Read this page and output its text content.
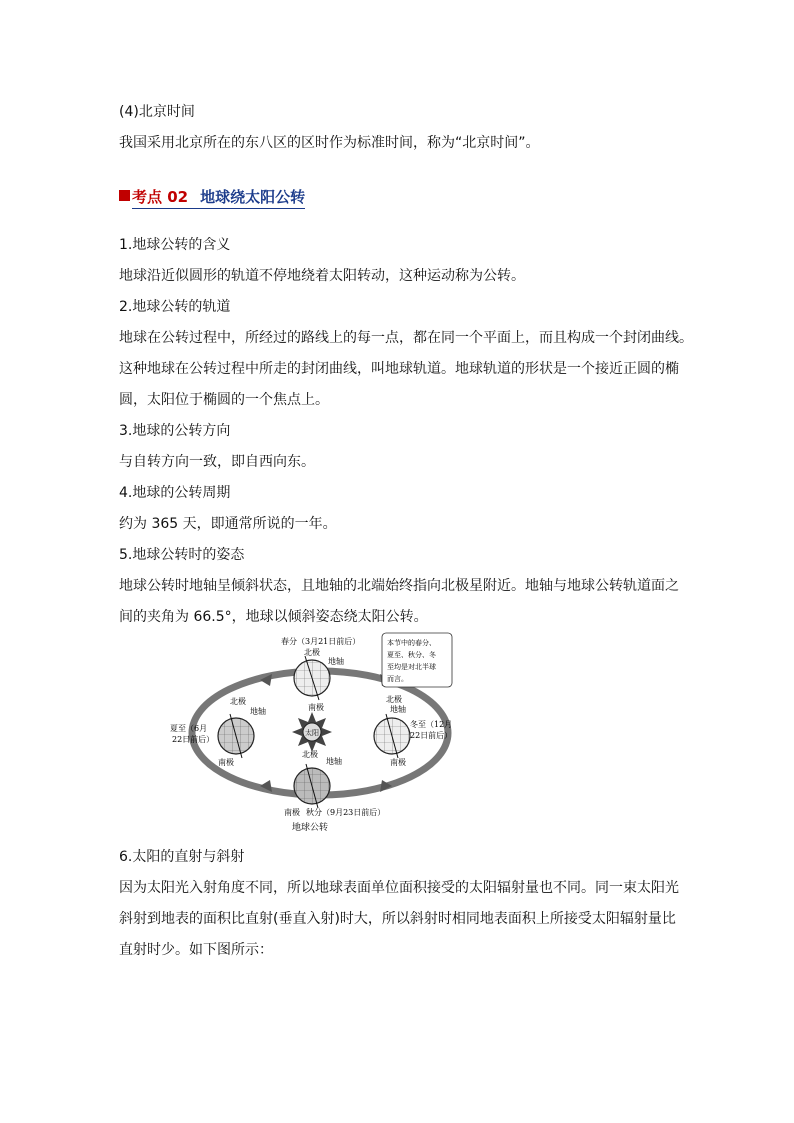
(4)北京时间

我国采用北京所在的东八区的区时作为标准时间，称为“北京时间”。

考点 02 地球绕太阳公转

1.地球公转的含义

地球沿近似圆形的轨道不停地绕着太阳转动，这种运动称为公转。

2.地球公转的轨道

地球在公转过程中，所经过的路线上的每一点，都在同一个平面上，而且构成一个封闭曲线。

这种地球在公转过程中所走的封闭曲线，叫地球轨道。地球轨道的形状是一个接近正圆的椭

圆，太阳位于椭圆的一个焦点上。

3.地球的公转方向

与自转方向一致，即自西向东。

4.地球的公转周期

约为 365 天，即通常所说的一年。

5.地球公转时的姿态

地球公转时地轴呈倾斜状态，且地轴的北端始终指向北极星附近。地轴与地球公转轨道面之

间的夹角为 66.5°，地球以倾斜姿态绕太阳公转。

太阳
春分（3月21日前后）
北极
地轴
南极
北极
地轴
夏至（6月
22日前后）
南极
北极
地轴
冬至（12月
22日前后）
南极
北极
地轴
南极 秋分（9月23日前后）
本节中的春分、
夏至、秋分、冬
至均是对北半球
而言。
地球公转

6.太阳的直射与斜射

因为太阳光入射角度不同，所以地球表面单位面积接受的太阳辐射量也不同。同一束太阳光

斜射到地表的面积比直射(垂直入射)时大，所以斜射时相同地表面积上所接受太阳辐射量比

直射时少。如下图所示：
